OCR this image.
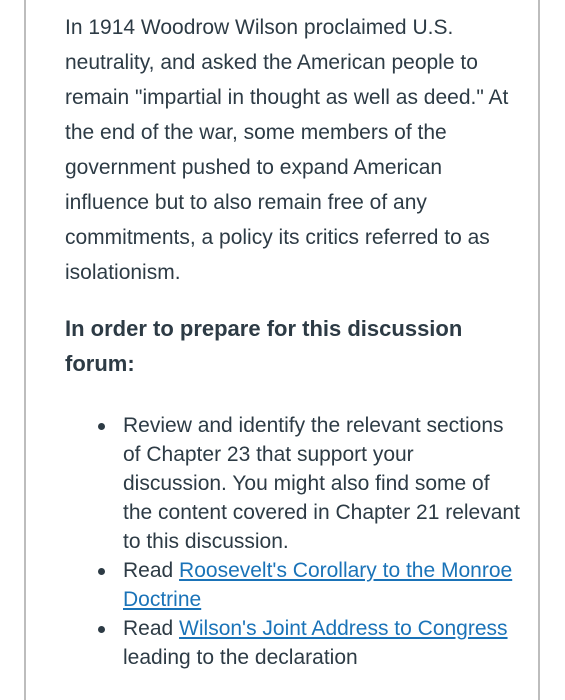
In 1914 Woodrow Wilson proclaimed U.S. neutrality, and asked the American people to remain "impartial in thought as well as deed." At the end of the war, some members of the government pushed to expand American influence but to also remain free of any commitments, a policy its critics referred to as isolationism.

In order to prepare for this discussion forum:

Review and identify the relevant sections of Chapter 23 that support your discussion. You might also find some of the content covered in Chapter 21 relevant to this discussion.
Read Roosevelt's Corollary to the Monroe Doctrine
Read Wilson's Joint Address to Congress leading to the declaration
